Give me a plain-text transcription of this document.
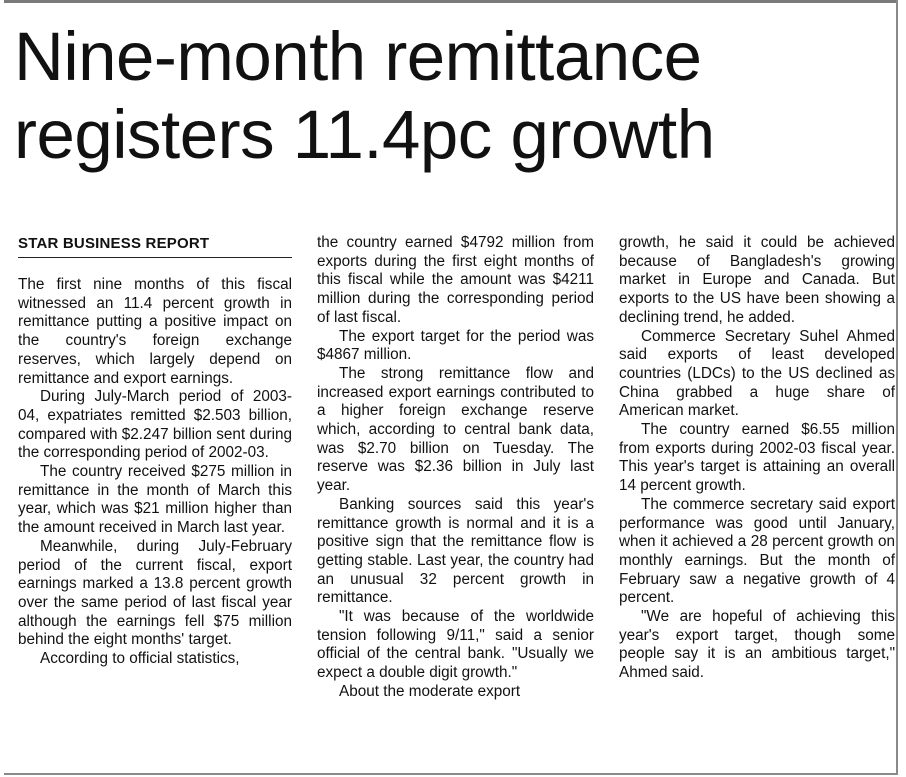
Nine-month remittance
registers 11.4pc growth
STAR BUSINESS REPORT

The first nine months of this fiscal witnessed an 11.4 percent growth in remittance putting a positive impact on the country's foreign exchange reserves, which largely depend on remittance and export earnings.

During July-March period of 2003-04, expatriates remitted $2.503 billion, compared with $2.247 billion sent during the corresponding period of 2002-03.

The country received $275 million in remittance in the month of March this year, which was $21 million higher than the amount received in March last year.

Meanwhile, during July-February period of the current fiscal, export earnings marked a 13.8 percent growth over the same period of last fiscal year although the earnings fell $75 million behind the eight months' target.

According to official statistics,

the country earned $4792 million from exports during the first eight months of this fiscal while the amount was $4211 million during the corresponding period of last fiscal.

The export target for the period was $4867 million.

The strong remittance flow and increased export earnings contributed to a higher foreign exchange reserve which, according to central bank data, was $2.70 billion on Tuesday. The reserve was $2.36 billion in July last year.

Banking sources said this year's remittance growth is normal and it is a positive sign that the remittance flow is getting stable. Last year, the country had an unusual 32 percent growth in remittance.

"It was because of the worldwide tension following 9/11," said a senior official of the central bank. "Usually we expect a double digit growth."

About the moderate export

growth, he said it could be achieved because of Bangladesh's growing market in Europe and Canada. But exports to the US have been showing a declining trend, he added.

Commerce Secretary Suhel Ahmed said exports of least developed countries (LDCs) to the US declined as China grabbed a huge share of American market.

The country earned $6.55 million from exports during 2002-03 fiscal year. This year's target is attaining an overall 14 percent growth.

The commerce secretary said export performance was good until January, when it achieved a 28 percent growth on monthly earnings. But the month of February saw a negative growth of 4 percent.

"We are hopeful of achieving this year's export target, though some people say it is an ambitious target," Ahmed said.
